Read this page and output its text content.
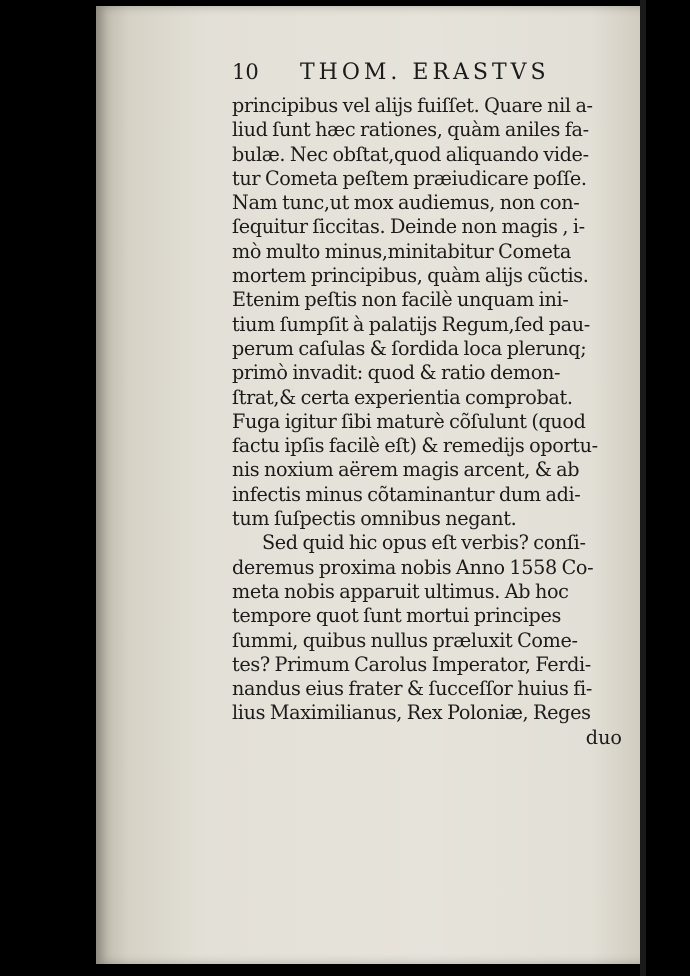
10	THOM. ERASTVS
principibus vel alijs fuiſſet. Quare nil a-
liud ſunt hæc rationes, quàm aniles fa-
bulæ. Nec obſtat,quod aliquando vide-
tur Cometa peſtem præiudicare poſſe.
Nam tunc,ut mox audiemus, non con-
ſequitur ſiccitas. Deinde non magis , i-
mò multo minus,minitabitur Cometa
mortem principibus, quàm alijs cũctis.
Etenim peſtis non facilè unquam ini-
tium ſumpſit à palatijs Regum,ſed pau-
perum caſulas & ſordida loca plerunq;
primò invadit: quod & ratio demon-
ſtrat,& certa experientia comprobat.
Fuga igitur ſibi maturè cõſulunt (quod
factu ipſis facilè eſt) & remedijs oportu-
nis noxium aërem magis arcent, & ab
infectis minus cõtaminantur dum adi-
tum ſuſpectis omnibus negant.
Sed quid hic opus eſt verbis? conſi-
deremus proxima nobis Anno 1558 Co-
meta nobis apparuit ultimus. Ab hoc
tempore quot ſunt mortui principes
ſummi, quibus nullus præluxit Come-
tes? Primum Carolus Imperator, Ferdi-
nandus eius frater & ſucceſſor huius fi-
lius Maximilianus, Rex Poloniæ, Reges
duo
